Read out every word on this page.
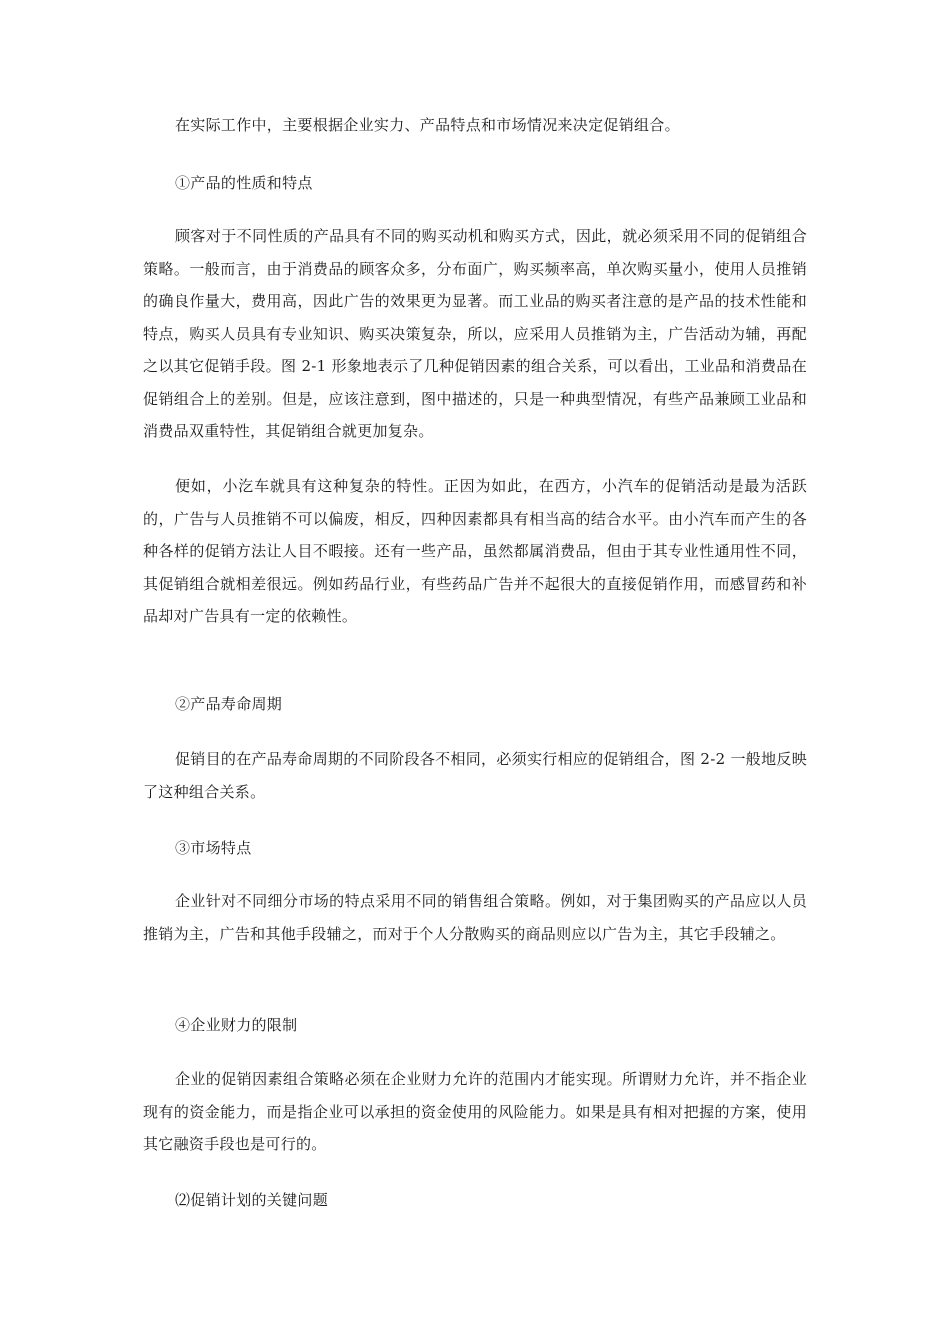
在实际工作中，主要根据企业实力、产品特点和市场情况来决定促销组合。

①产品的性质和特点

顾客对于不同性质的产品具有不同的购买动机和购买方式，因此，就必须采用不同的促销组合策略。一般而言，由于消费品的顾客众多，分布面广，购买频率高，单次购买量小，使用人员推销的确良作量大，费用高，因此广告的效果更为显著。而工业品的购买者注意的是产品的技术性能和特点，购买人员具有专业知识、购买决策复杂，所以，应采用人员推销为主，广告活动为辅，再配之以其它促销手段。图 2-1 形象地表示了几种促销因素的组合关系，可以看出，工业品和消费品在促销组合上的差别。但是，应该注意到，图中描述的，只是一种典型情况，有些产品兼顾工业品和消费品双重特性，其促销组合就更加复杂。

便如，小汔车就具有这种复杂的特性。正因为如此，在西方，小汽车的促销活动是最为活跃的，广告与人员推销不可以偏废，相反，四种因素都具有相当高的结合水平。由小汽车而产生的各种各样的促销方法让人目不暇接。还有一些产品，虽然都属消费品，但由于其专业性通用性不同，其促销组合就相差很远。例如药品行业，有些药品广告并不起很大的直接促销作用，而感冒药和补品却对广告具有一定的依赖性。

②产品寿命周期

促销目的在产品寿命周期的不同阶段各不相同，必须实行相应的促销组合，图 2-2 一般地反映了这种组合关系。

③市场特点

企业针对不同细分市场的特点采用不同的销售组合策略。例如，对于集团购买的产品应以人员推销为主，广告和其他手段辅之，而对于个人分散购买的商品则应以广告为主，其它手段辅之。

④企业财力的限制

企业的促销因素组合策略必须在企业财力允许的范围内才能实现。所谓财力允许，并不指企业现有的资金能力，而是指企业可以承担的资金使用的风险能力。如果是具有相对把握的方案，使用其它融资手段也是可行的。

⑵促销计划的关键问题
